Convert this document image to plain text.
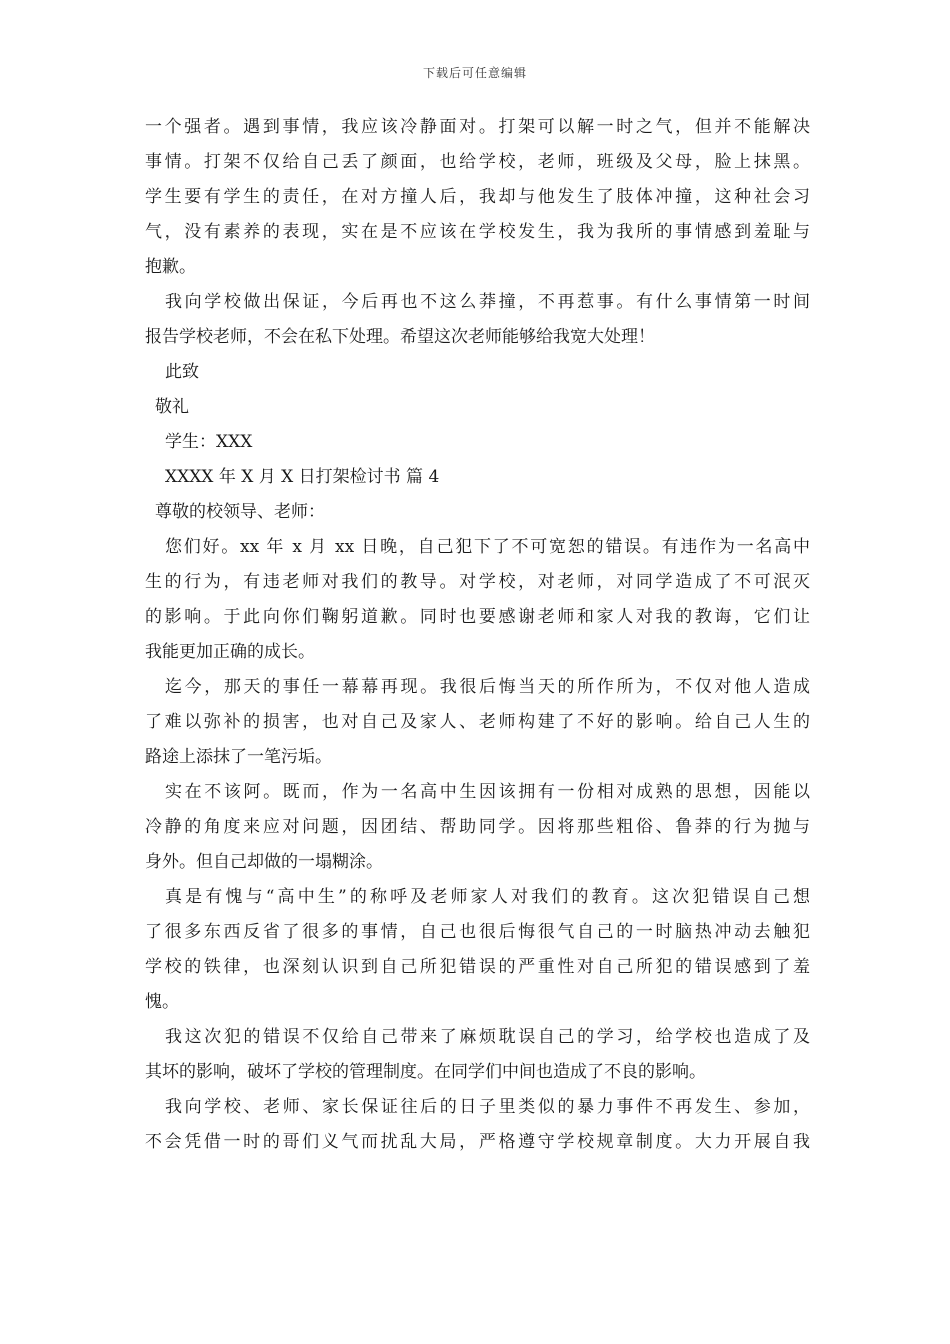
下载后可任意编辑
一个强者。遇到事情，我应该冷静面对。打架可以解一时之气，但并不能解决
事情。打架不仅给自己丢了颜面，也给学校，老师，班级及父母，脸上抹黑。
学生要有学生的责任，在对方撞人后，我却与他发生了肢体冲撞，这种社会习
气，没有素养的表现，实在是不应该在学校发生，我为我所的事情感到羞耻与
抱歉。
我向学校做出保证，今后再也不这么莽撞，不再惹事。有什么事情第一时间
报告学校老师，不会在私下处理。希望这次老师能够给我宽大处理！
此致
敬礼
学生：XXX
XXXX 年 X 月 X 日打架检讨书 篇 4
尊敬的校领导、老师：
您们好。xx 年 x 月 xx 日晚，自己犯下了不可宽恕的错误。有违作为一名高中
生的行为，有违老师对我们的教导。对学校，对老师，对同学造成了不可泯灭
的影响。于此向你们鞠躬道歉。同时也要感谢老师和家人对我的教诲，它们让
我能更加正确的成长。
迄今，那天的事任一幕幕再现。我很后悔当天的所作所为，不仅对他人造成
了难以弥补的损害，也对自己及家人、老师构建了不好的影响。给自己人生的
路途上添抹了一笔污垢。
实在不该阿。既而，作为一名高中生因该拥有一份相对成熟的思想，因能以
冷静的角度来应对问题，因团结、帮助同学。因将那些粗俗、鲁莽的行为抛与
身外。但自己却做的一塌糊涂。
真是有愧与“高中生”的称呼及老师家人对我们的教育。这次犯错误自己想
了很多东西反省了很多的事情，自己也很后悔很气自己的一时脑热冲动去触犯
学校的铁律，也深刻认识到自己所犯错误的严重性对自己所犯的错误感到了羞
愧。
我这次犯的错误不仅给自己带来了麻烦耽误自己的学习，给学校也造成了及
其坏的影响，破坏了学校的管理制度。在同学们中间也造成了不良的影响。
我向学校、老师、家长保证往后的日子里类似的暴力事件不再发生、参加，
不会凭借一时的哥们义气而扰乱大局，严格遵守学校规章制度。大力开展自我
